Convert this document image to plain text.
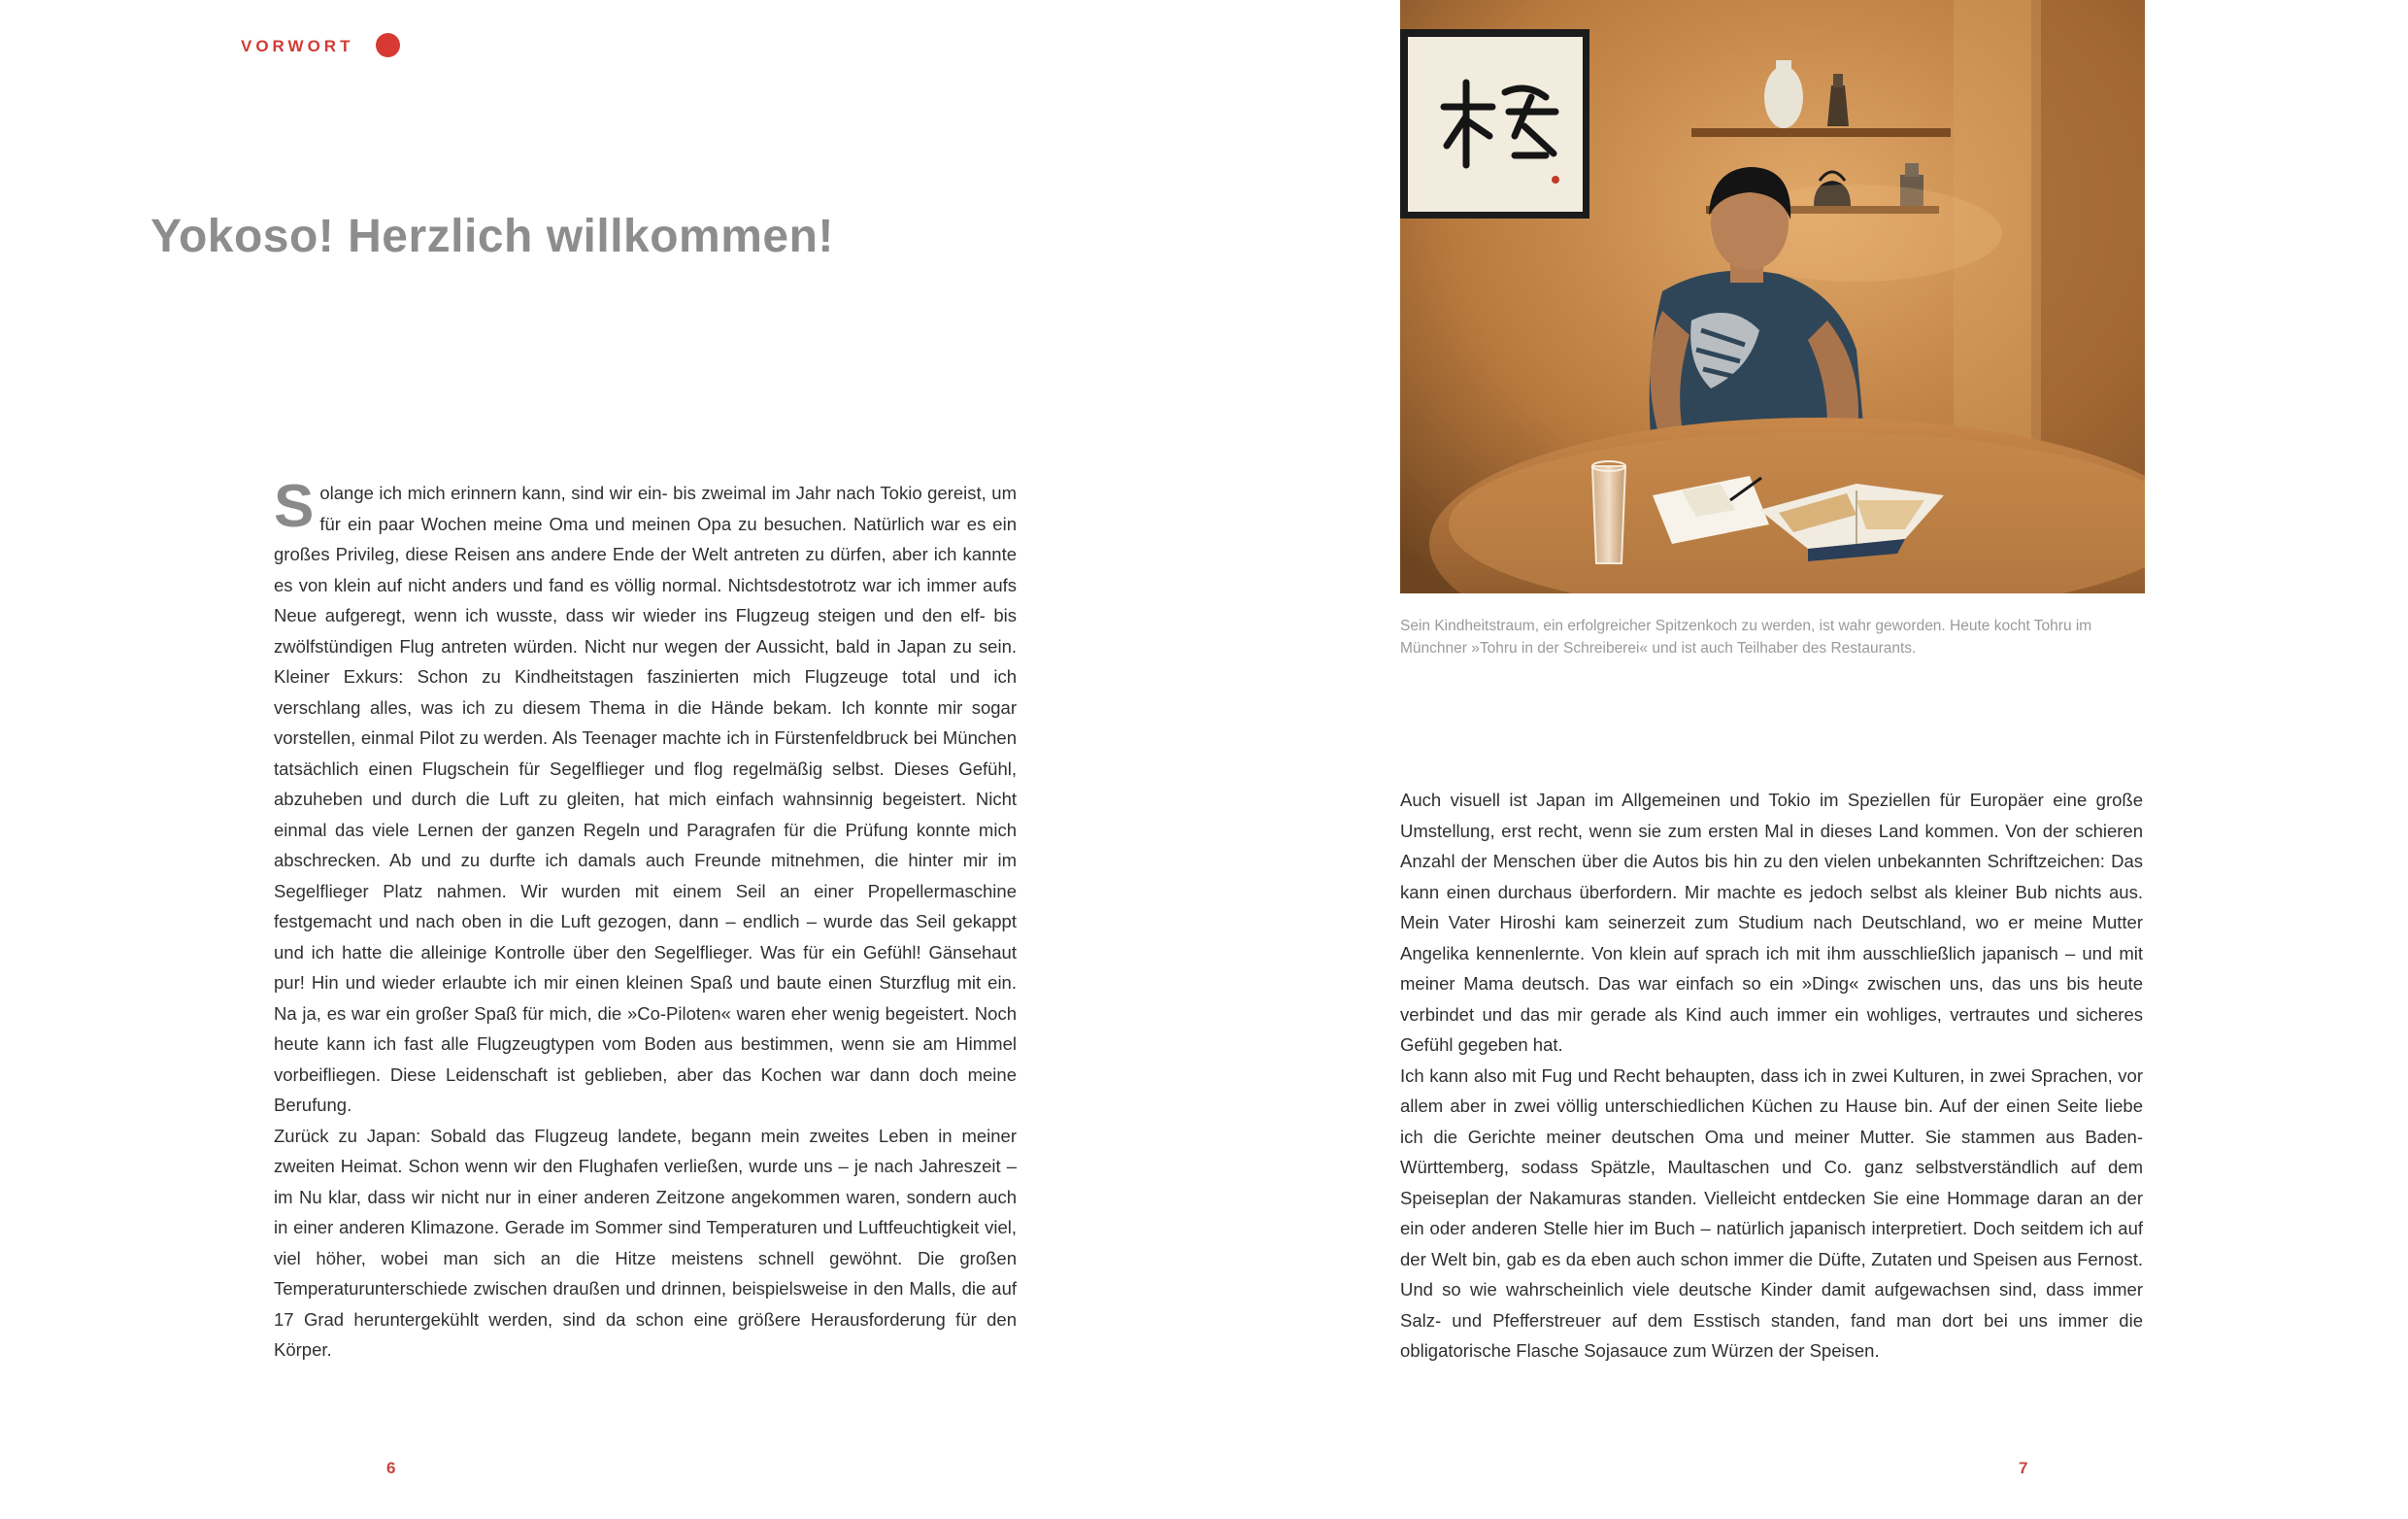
VORWORT
Yokoso! Herzlich willkommen!

Solange ich mich erinnern kann, sind wir ein- bis zweimal im Jahr nach Tokio gereist, um für ein paar Wochen meine Oma und meinen Opa zu besuchen. Natürlich war es ein großes Privileg, diese Reisen ans andere Ende der Welt antreten zu dürfen, aber ich kannte es von klein auf nicht anders und fand es völlig normal. Nichtsdestotrotz war ich immer aufs Neue aufgeregt, wenn ich wusste, dass wir wieder ins Flugzeug steigen und den elf- bis zwölfstündigen Flug antreten würden. Nicht nur wegen der Aussicht, bald in Japan zu sein. Kleiner Exkurs: Schon zu Kindheitstagen faszinierten mich Flugzeuge total und ich verschlang alles, was ich zu diesem Thema in die Hände bekam. Ich konnte mir sogar vorstellen, einmal Pilot zu werden. Als Teenager machte ich in Fürstenfeldbruck bei München tatsächlich einen Flugschein für Segelflieger und flog regelmäßig selbst. Dieses Gefühl, abzuheben und durch die Luft zu gleiten, hat mich einfach wahnsinnig begeistert. Nicht einmal das viele Lernen der ganzen Regeln und Paragrafen für die Prüfung konnte mich abschrecken. Ab und zu durfte ich damals auch Freunde mitnehmen, die hinter mir im Segelflieger Platz nahmen. Wir wurden mit einem Seil an einer Propellermaschine festgemacht und nach oben in die Luft gezogen, dann – endlich – wurde das Seil gekappt und ich hatte die alleinige Kontrolle über den Segelflieger. Was für ein Gefühl! Gänsehaut pur! Hin und wieder erlaubte ich mir einen kleinen Spaß und baute einen Sturzflug mit ein. Na ja, es war ein großer Spaß für mich, die »Co-Piloten« waren eher wenig begeistert. Noch heute kann ich fast alle Flugzeugtypen vom Boden aus bestimmen, wenn sie am Himmel vorbeifliegen. Diese Leidenschaft ist geblieben, aber das Kochen war dann doch meine Berufung.

Zurück zu Japan: Sobald das Flugzeug landete, begann mein zweites Leben in meiner zweiten Heimat. Schon wenn wir den Flughafen verließen, wurde uns – je nach Jahreszeit – im Nu klar, dass wir nicht nur in einer anderen Zeitzone angekommen waren, sondern auch in einer anderen Klimazone. Gerade im Sommer sind Temperaturen und Luftfeuchtigkeit viel, viel höher, wobei man sich an die Hitze meistens schnell gewöhnt. Die großen Temperaturunterschiede zwischen draußen und drinnen, beispielsweise in den Malls, die auf 17 Grad heruntergekühlt werden, sind da schon eine größere Herausforderung für den Körper.

6

Sein Kindheitstraum, ein erfolgreicher Spitzenkoch zu werden, ist wahr geworden. Heute kocht Tohru im Münchner »Tohru in der Schreiberei« und ist auch Teilhaber des Restaurants.

Auch visuell ist Japan im Allgemeinen und Tokio im Speziellen für Europäer eine große Umstellung, erst recht, wenn sie zum ersten Mal in dieses Land kommen. Von der schieren Anzahl der Menschen über die Autos bis hin zu den vielen unbekannten Schriftzeichen: Das kann einen durchaus überfordern. Mir machte es jedoch selbst als kleiner Bub nichts aus. Mein Vater Hiroshi kam seinerzeit zum Studium nach Deutschland, wo er meine Mutter Angelika kennenlernte. Von klein auf sprach ich mit ihm ausschließlich japanisch – und mit meiner Mama deutsch. Das war einfach so ein »Ding« zwischen uns, das uns bis heute verbindet und das mir gerade als Kind auch immer ein wohliges, vertrautes und sicheres Gefühl gegeben hat.

Ich kann also mit Fug und Recht behaupten, dass ich in zwei Kulturen, in zwei Sprachen, vor allem aber in zwei völlig unterschiedlichen Küchen zu Hause bin. Auf der einen Seite liebe ich die Gerichte meiner deutschen Oma und meiner Mutter. Sie stammen aus Baden-Württemberg, sodass Spätzle, Maultaschen und Co. ganz selbstverständlich auf dem Speiseplan der Nakamuras standen. Vielleicht entdecken Sie eine Hommage daran an der ein oder anderen Stelle hier im Buch – natürlich japanisch interpretiert. Doch seitdem ich auf der Welt bin, gab es da eben auch schon immer die Düfte, Zutaten und Speisen aus Fernost. Und so wie wahrscheinlich viele deutsche Kinder damit aufgewachsen sind, dass immer Salz- und Pfefferstreuer auf dem Esstisch standen, fand man dort bei uns immer die obligatorische Flasche Sojasauce zum Würzen der Speisen.

7
